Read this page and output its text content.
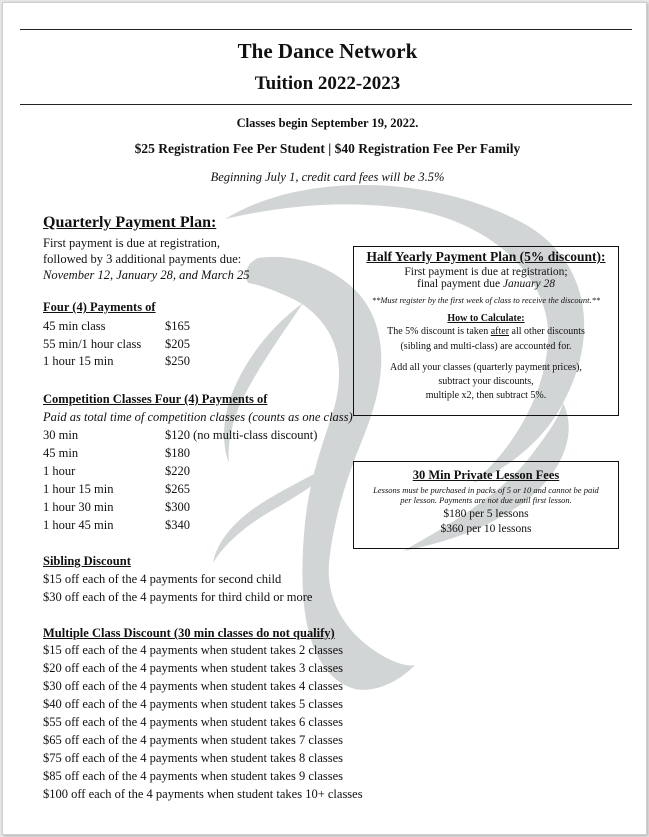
The Dance Network
Tuition 2022-2023
Classes begin September 19, 2022.
$25 Registration Fee Per Student | $40 Registration Fee Per Family
Beginning July 1, credit card fees will be 3.5%
Quarterly Payment Plan:
First payment is due at registration,
followed by 3 additional payments due:
November 12, January 28, and March 25
Four (4) Payments of
45 min class	$165
55 min/1 hour class $205
1 hour 15 min	$250
Competition Classes Four (4) Payments of
Paid as total time of competition classes (counts as one class)
30 min	$120 (no multi-class discount)
45 min	$180
1 hour	$220
1 hour 15 min	$265
1 hour 30 min	$300
1 hour 45 min	$340
Sibling Discount
$15 off each of the 4 payments for second child
$30 off each of the 4 payments for third child or more
Multiple Class Discount (30 min classes do not qualify)
$15 off each of the 4 payments when student takes 2 classes
$20 off each of the 4 payments when student takes 3 classes
$30 off each of the 4 payments when student takes 4 classes
$40 off each of the 4 payments when student takes 5 classes
$55 off each of the 4 payments when student takes 6 classes
$65 off each of the 4 payments when student takes 7 classes
$75 off each of the 4 payments when student takes 8 classes
$85 off each of the 4 payments when student takes 9 classes
$100 off each of the 4 payments when student takes 10+ classes
Half Yearly Payment Plan (5% discount):
First payment is due at registration;
final payment due January 28
**Must register by the first week of class to receive the discount.**
How to Calculate:
The 5% discount is taken after all other discounts
(sibling and multi-class) are accounted for.
Add all your classes (quarterly payment prices),
subtract your discounts,
multiple x2, then subtract 5%.
30 Min Private Lesson Fees
Lessons must be purchased in packs of 5 or 10 and cannot be paid
per lesson. Payments are not due until first lesson.
$180 per 5 lessons
$360 per 10 lessons
